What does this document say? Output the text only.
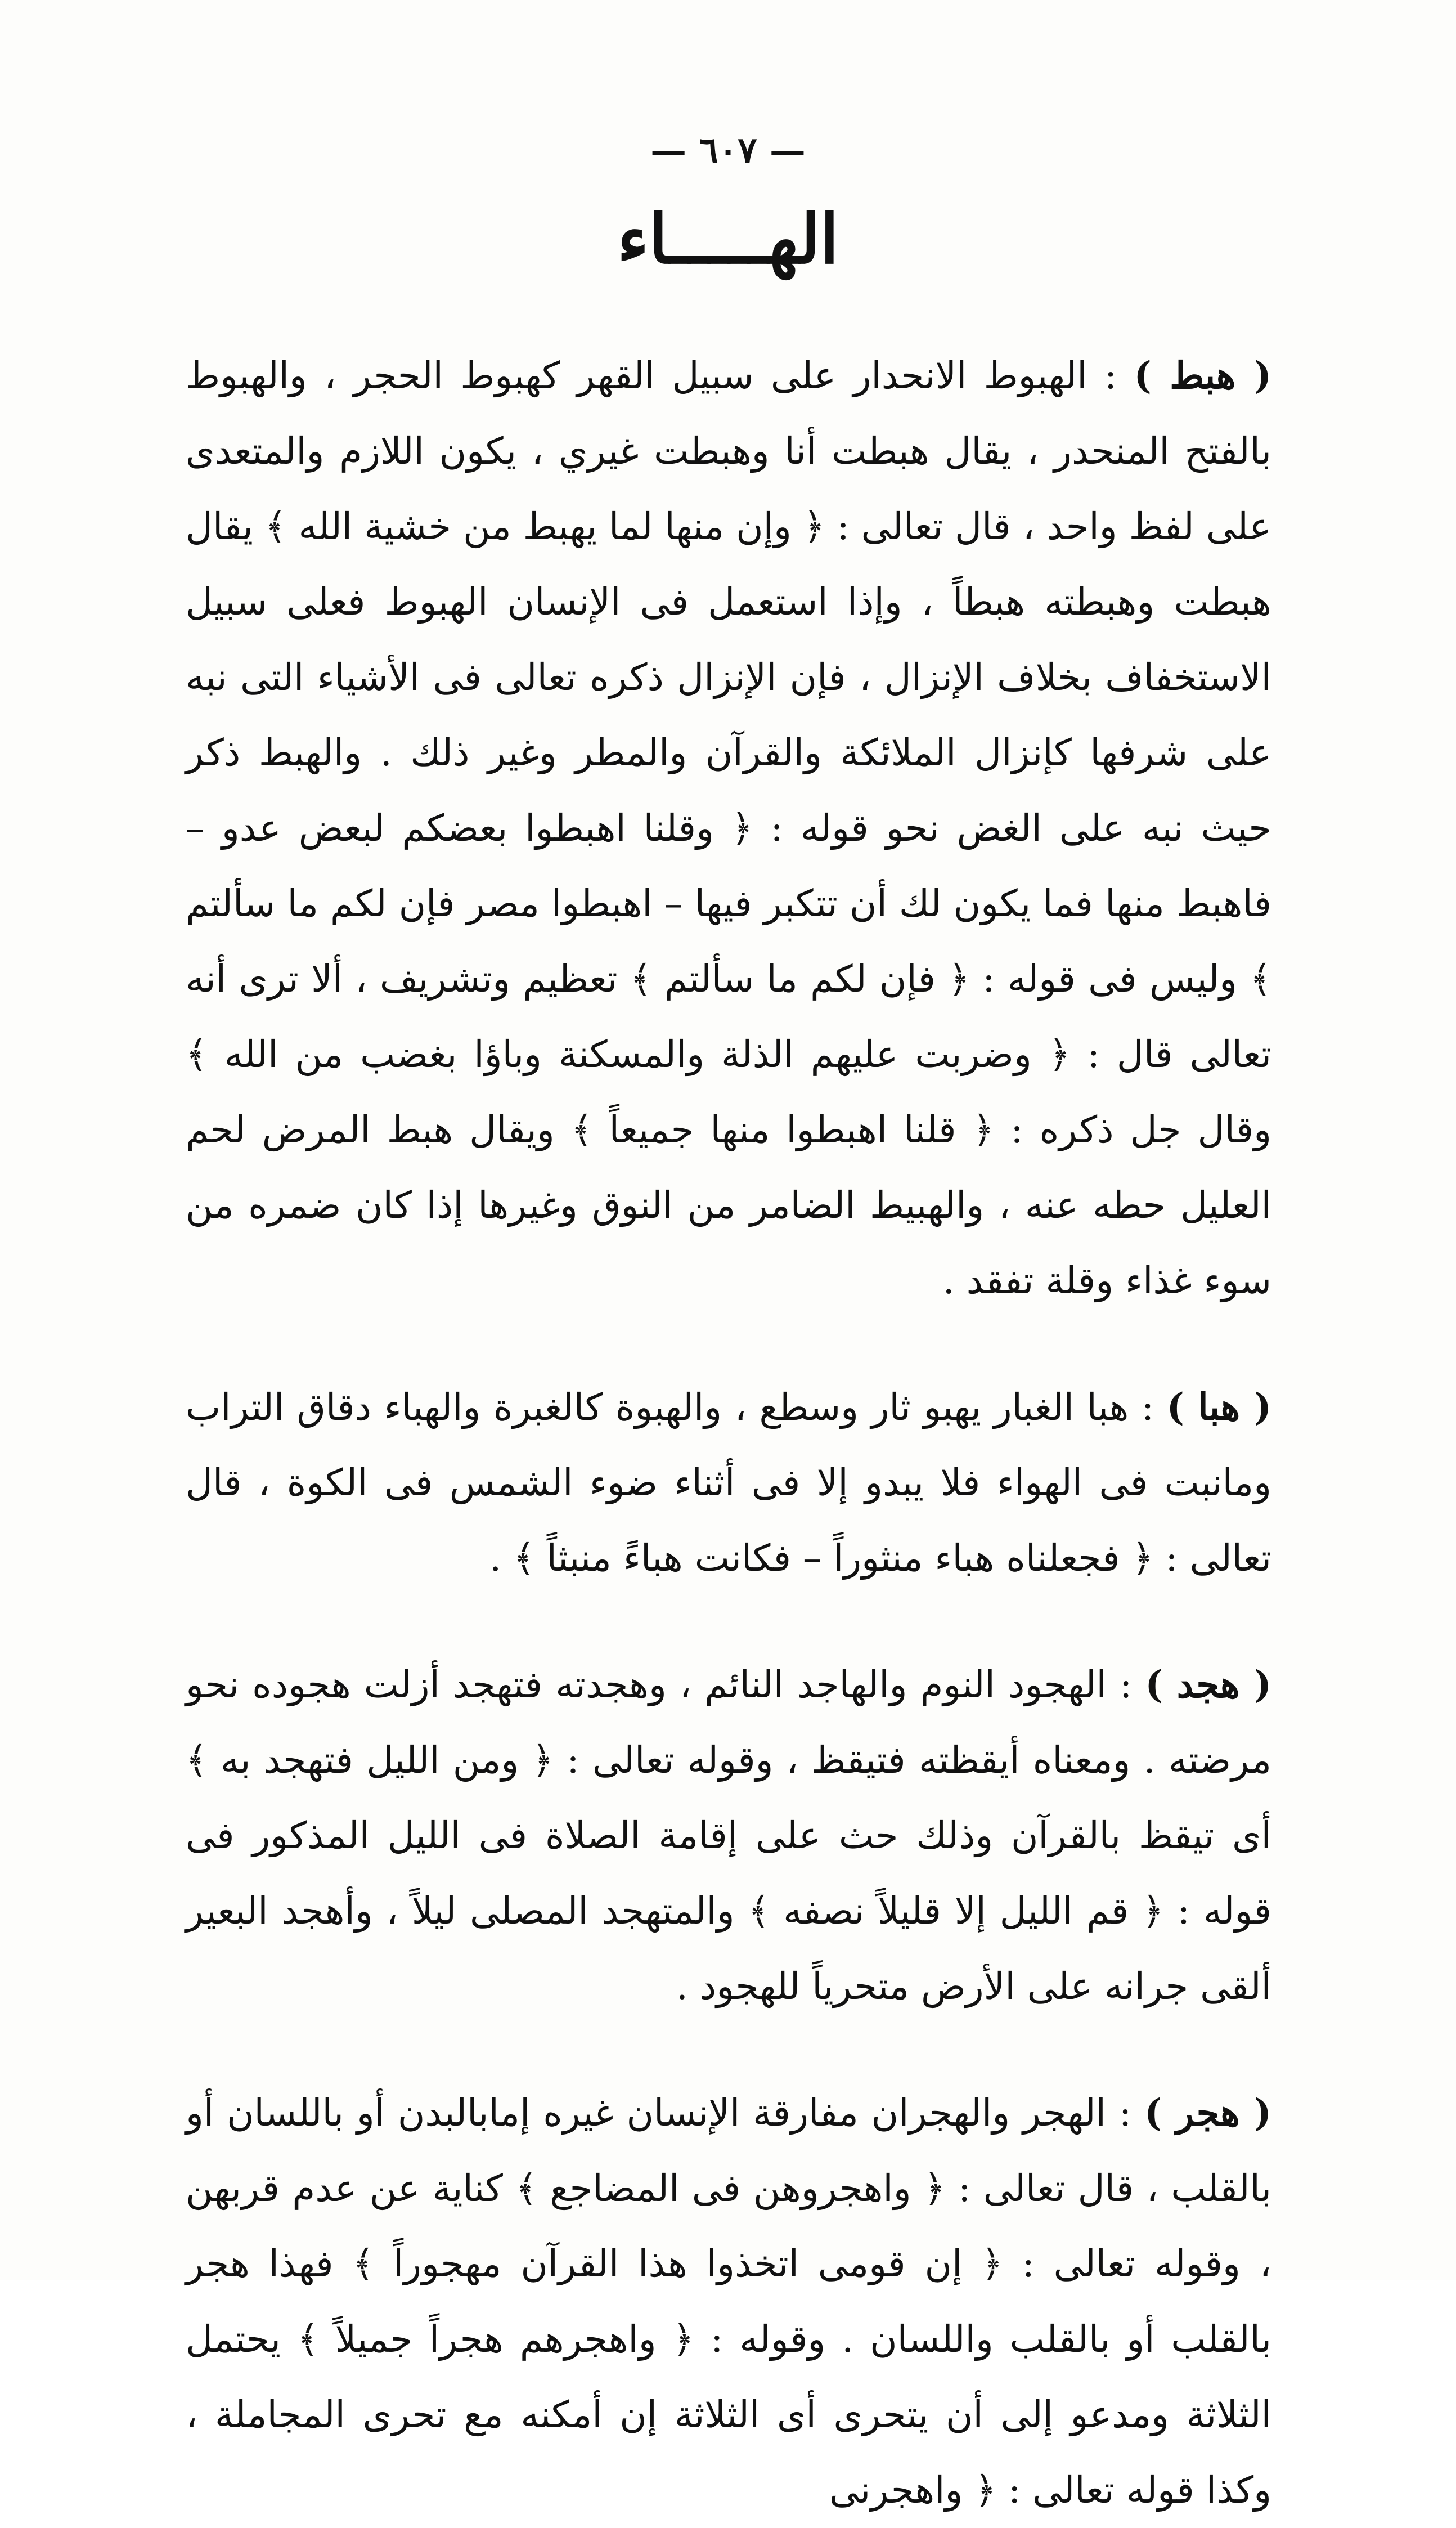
— ٦٠٧ —
الهـــــاء

( هبط ) : الهبوط الانحدار على سبيل القهر كهبوط الحجر ، والهبوط بالفتح المنحدر ، يقال هبطت أنا وهبطت غيري ، يكون اللازم والمتعدى على لفظ واحد ، قال تعالى : ﴿ وإن منها لما يهبط من خشية الله ﴾ يقال هبطت وهبطته هبطاً ، وإذا استعمل فى الإنسان الهبوط فعلى سبيل الاستخفاف بخلاف الإنزال ، فإن الإنزال ذكره تعالى فى الأشياء التى نبه على شرفها كإنزال الملائكة والقرآن والمطر وغير ذلك . والهبط ذكر حيث نبه على الغض نحو قوله : ﴿ وقلنا اهبطوا بعضكم لبعض عدو – فاهبط منها فما يكون لك أن تتكبر فيها – اهبطوا مصر فإن لكم ما سألتم ﴾ وليس فى قوله : ﴿ فإن لكم ما سألتم ﴾ تعظيم وتشريف ، ألا ترى أنه تعالى قال : ﴿ وضربت عليهم الذلة والمسكنة وباؤا بغضب من الله ﴾ وقال جل ذكره : ﴿ قلنا اهبطوا منها جميعاً ﴾ ويقال هبط المرض لحم العليل حطه عنه ، والهبيط الضامر من النوق وغيرها إذا كان ضمره من سوء غذاء وقلة تفقد .

( هبا ) : هبا الغبار يهبو ثار وسطع ، والهبوة كالغبرة والهباء دقاق التراب ومانبت فى الهواء فلا يبدو إلا فى أثناء ضوء الشمس فى الكوة ، قال تعالى : ﴿ فجعلناه هباء منثوراً – فكانت هباءً منبثاً ﴾ .

( هجد ) : الهجود النوم والهاجد النائم ، وهجدته فتهجد أزلت هجوده نحو مرضته . ومعناه أيقظته فتيقظ ، وقوله تعالى : ﴿ ومن الليل فتهجد به ﴾ أى تيقظ بالقرآن وذلك حث على إقامة الصلاة فى الليل المذكور فى قوله : ﴿ قم الليل إلا قليلاً نصفه ﴾ والمتهجد المصلى ليلاً ، وأهجد البعير ألقى جرانه على الأرض متحرياً للهجود .

( هجر ) : الهجر والهجران مفارقة الإنسان غيره إمابالبدن أو باللسان أو بالقلب ، قال تعالى : ﴿ واهجروهن فى المضاجع ﴾ كناية عن عدم قربهن ، وقوله تعالى : ﴿ إن قومى اتخذوا هذا القرآن مهجوراً ﴾ فهذا هجر بالقلب أو بالقلب واللسان . وقوله : ﴿ واهجرهم هجراً جميلاً ﴾ يحتمل الثلاثة ومدعو إلى أن يتحرى أى الثلاثة إن أمكنه مع تحرى المجاملة ، وكذا قوله تعالى : ﴿ واهجرنى
